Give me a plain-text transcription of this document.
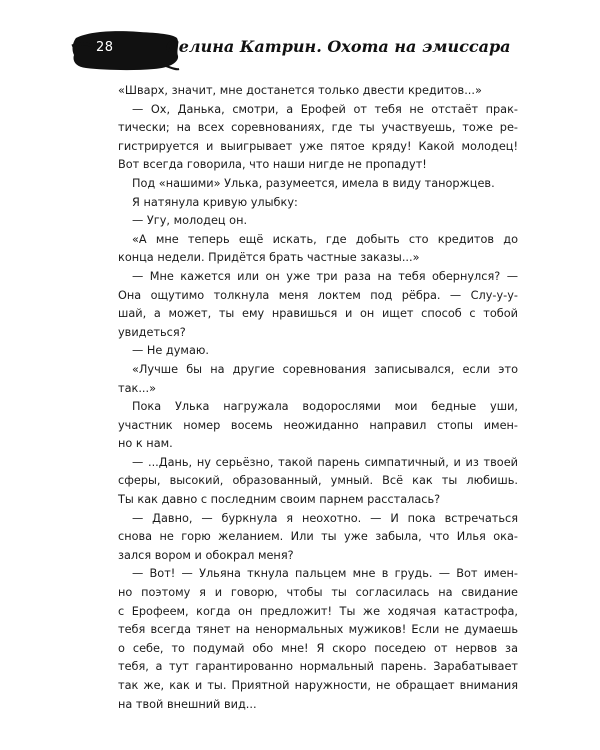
28	Селина Катрин. Охота на эмиссара
«Шварх, значит, мне достанется только двести кредитов...»
— Ох, Данька, смотри, а Ерофей от тебя не отстаёт прак-
тически; на всех соревнованиях, где ты участвуешь, тоже ре-
гистрируется и выигрывает уже пятое кряду! Какой молодец!
Вот всегда говорила, что наши нигде не пропадут!
Под «нашими» Улька, разумеется, имела в виду таноржцев.
Я натянула кривую улыбку:
— Угу, молодец он.
«А мне теперь ещё искать, где добыть сто кредитов до
конца недели. Придётся брать частные заказы...»
— Мне кажется или он уже три раза на тебя обернулся? —
Она ощутимо толкнула меня локтем под рёбра. — Слу-у-у-
шай, а может, ты ему нравишься и он ищет способ с тобой
увидеться?
— Не думаю.
«Лучше бы на другие соревнования записывался, если это
так...»
Пока Улька нагружала водорослями мои бедные уши,
участник номер восемь неожиданно направил стопы имен-
но к нам.
— ...Дань, ну серьёзно, такой парень симпатичный, и из твоей
сферы, высокий, образованный, умный. Всё как ты любишь.
Ты как давно с последним своим парнем рассталась?
— Давно, — буркнула я неохотно. — И пока встречаться
снова не горю желанием. Или ты уже забыла, что Илья ока-
зался вором и обокрал меня?
— Вот! — Ульяна ткнула пальцем мне в грудь. — Вот имен-
но поэтому я и говорю, чтобы ты согласилась на свидание
с Ерофеем, когда он предложит! Ты же ходячая катастрофа,
тебя всегда тянет на ненормальных мужиков! Если не думаешь
о себе, то подумай обо мне! Я скоро поседею от нервов за
тебя, а тут гарантированно нормальный парень. Зарабатывает
так же, как и ты. Приятной наружности, не обращает внимания
на твой внешний вид...
